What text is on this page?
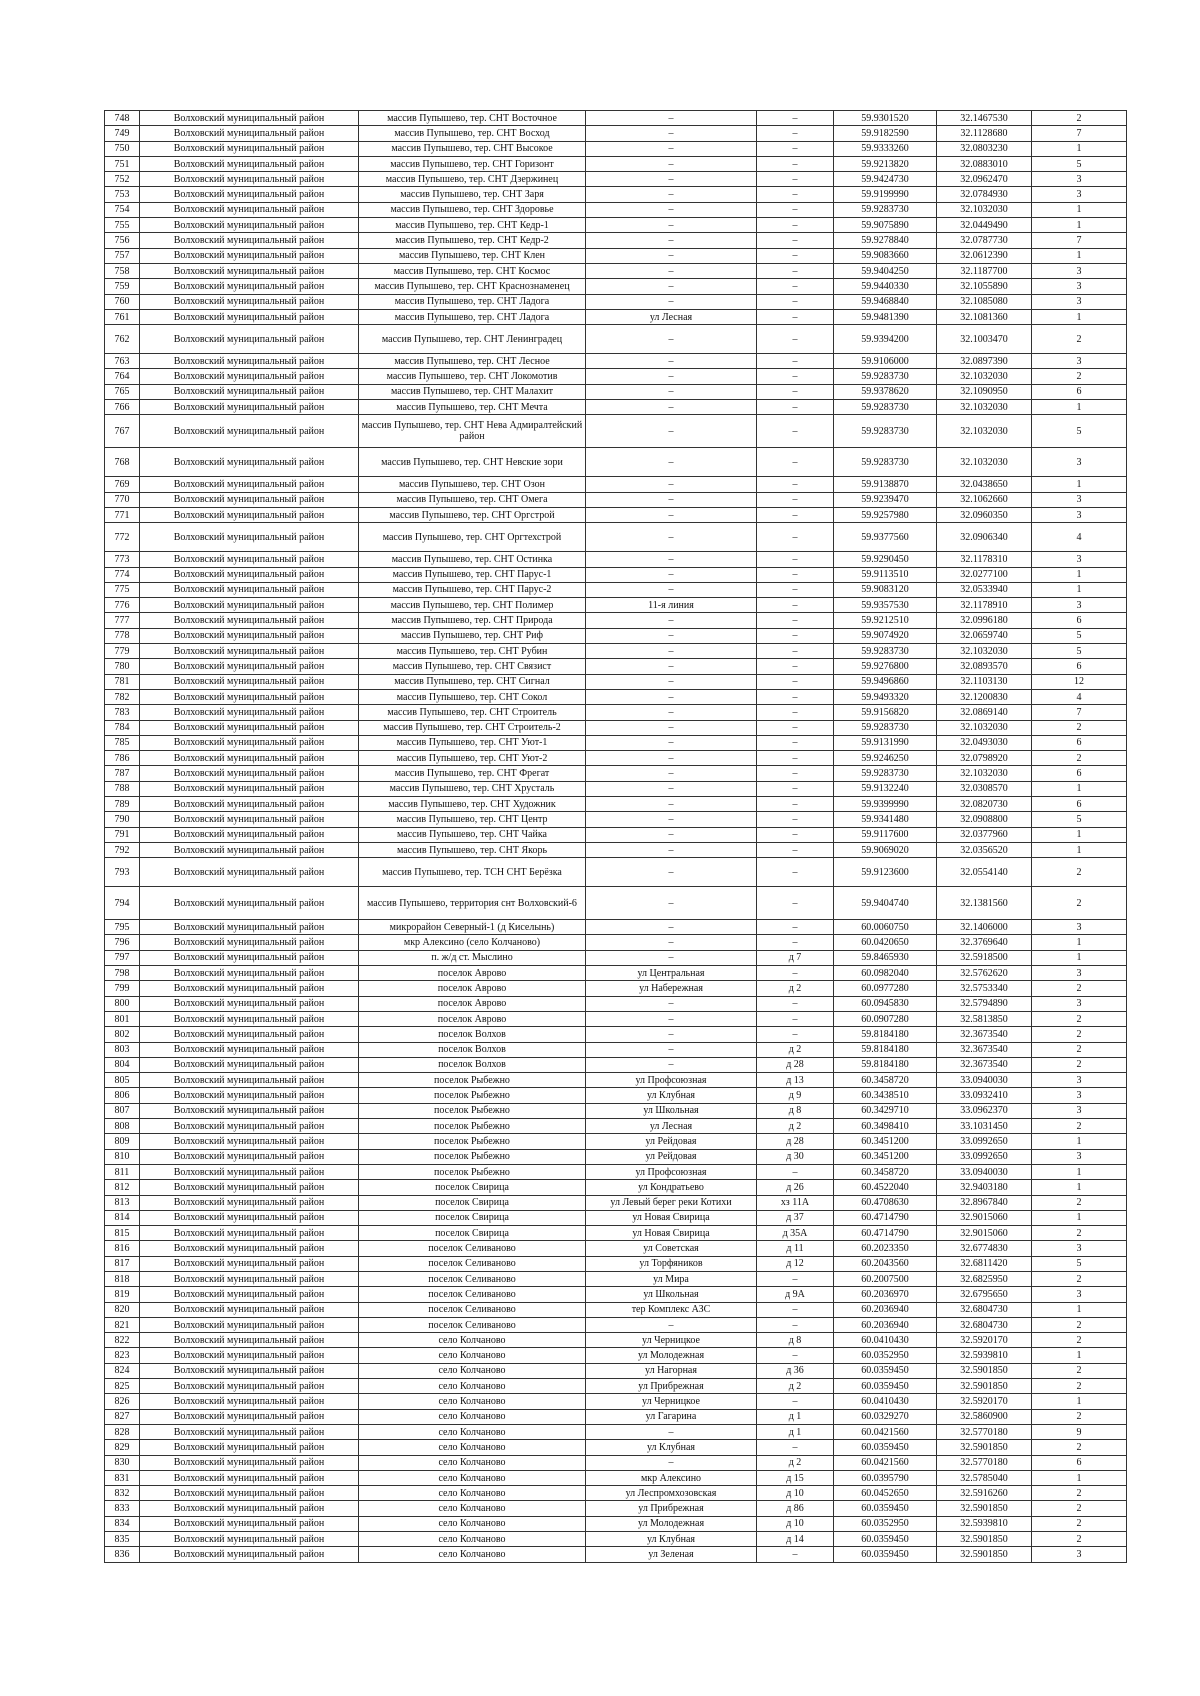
748	Волховский муниципальный район	массив Пупышево, тер. СНТ Восточное	–	–	59.9301520	32.1467530	2
749	Волховский муниципальный район	массив Пупышево, тер. СНТ Восход	–	–	59.9182590	32.1128680	7
750	Волховский муниципальный район	массив Пупышево, тер. СНТ Высокое	–	–	59.9333260	32.0803230	1
751	Волховский муниципальный район	массив Пупышево, тер. СНТ Горизонт	–	–	59.9213820	32.0883010	5
752	Волховский муниципальный район	массив Пупышево, тер. СНТ Дзержинец	–	–	59.9424730	32.0962470	3
753	Волховский муниципальный район	массив Пупышево, тер. СНТ Заря	–	–	59.9199990	32.0784930	3
754	Волховский муниципальный район	массив Пупышево, тер. СНТ Здоровье	–	–	59.9283730	32.1032030	1
755	Волховский муниципальный район	массив Пупышево, тер. СНТ Кедр-1	–	–	59.9075890	32.0449490	1
756	Волховский муниципальный район	массив Пупышево, тер. СНТ Кедр-2	–	–	59.9278840	32.0787730	7
757	Волховский муниципальный район	массив Пупышево, тер. СНТ Клен	–	–	59.9083660	32.0612390	1
758	Волховский муниципальный район	массив Пупышево, тер. СНТ Космос	–	–	59.9404250	32.1187700	3
759	Волховский муниципальный район	массив Пупышево, тер. СНТ Краснознаменец	–	–	59.9440330	32.1055890	3
760	Волховский муниципальный район	массив Пупышево, тер. СНТ Ладога	–	–	59.9468840	32.1085080	3
761	Волховский муниципальный район	массив Пупышево, тер. СНТ Ладога	ул Лесная	–	59.9481390	32.1081360	1
762	Волховский муниципальный район	массив Пупышево, тер. СНТ Ленинградец	–	–	59.9394200	32.1003470	2
763	Волховский муниципальный район	массив Пупышево, тер. СНТ Лесное	–	–	59.9106000	32.0897390	3
764	Волховский муниципальный район	массив Пупышево, тер. СНТ Локомотив	–	–	59.9283730	32.1032030	2
765	Волховский муниципальный район	массив Пупышево, тер. СНТ Малахит	–	–	59.9378620	32.1090950	6
766	Волховский муниципальный район	массив Пупышево, тер. СНТ Мечта	–	–	59.9283730	32.1032030	1
767	Волховский муниципальный район	массив Пупышево, тер. СНТ Нева Адмиралтейский район	–	–	59.9283730	32.1032030	5
768	Волховский муниципальный район	массив Пупышево, тер. СНТ Невские зори	–	–	59.9283730	32.1032030	3
769	Волховский муниципальный район	массив Пупышево, тер. СНТ Озон	–	–	59.9138870	32.0438650	1
770	Волховский муниципальный район	массив Пупышево, тер. СНТ Омега	–	–	59.9239470	32.1062660	3
771	Волховский муниципальный район	массив Пупышево, тер. СНТ Оргстрой	–	–	59.9257980	32.0960350	3
772	Волховский муниципальный район	массив Пупышево, тер. СНТ Оргтехстрой	–	–	59.9377560	32.0906340	4
773	Волховский муниципальный район	массив Пупышево, тер. СНТ Остинка	–	–	59.9290450	32.1178310	3
774	Волховский муниципальный район	массив Пупышево, тер. СНТ Парус-1	–	–	59.9113510	32.0277100	1
775	Волховский муниципальный район	массив Пупышево, тер. СНТ Парус-2	–	–	59.9083120	32.0533940	1
776	Волховский муниципальный район	массив Пупышево, тер. СНТ Полимер	11-я линия	–	59.9357530	32.1178910	3
777	Волховский муниципальный район	массив Пупышево, тер. СНТ Природа	–	–	59.9212510	32.0996180	6
778	Волховский муниципальный район	массив Пупышево, тер. СНТ Риф	–	–	59.9074920	32.0659740	5
779	Волховский муниципальный район	массив Пупышево, тер. СНТ Рубин	–	–	59.9283730	32.1032030	5
780	Волховский муниципальный район	массив Пупышево, тер. СНТ Связист	–	–	59.9276800	32.0893570	6
781	Волховский муниципальный район	массив Пупышево, тер. СНТ Сигнал	–	–	59.9496860	32.1103130	12
782	Волховский муниципальный район	массив Пупышево, тер. СНТ Сокол	–	–	59.9493320	32.1200830	4
783	Волховский муниципальный район	массив Пупышево, тер. СНТ Строитель	–	–	59.9156820	32.0869140	7
784	Волховский муниципальный район	массив Пупышево, тер. СНТ Строитель-2	–	–	59.9283730	32.1032030	2
785	Волховский муниципальный район	массив Пупышево, тер. СНТ Уют-1	–	–	59.9131990	32.0493030	6
786	Волховский муниципальный район	массив Пупышево, тер. СНТ Уют-2	–	–	59.9246250	32.0798920	2
787	Волховский муниципальный район	массив Пупышево, тер. СНТ Фрегат	–	–	59.9283730	32.1032030	6
788	Волховский муниципальный район	массив Пупышево, тер. СНТ Хрусталь	–	–	59.9132240	32.0308570	1
789	Волховский муниципальный район	массив Пупышево, тер. СНТ Художник	–	–	59.9399990	32.0820730	6
790	Волховский муниципальный район	массив Пупышево, тер. СНТ Центр	–	–	59.9341480	32.0908800	5
791	Волховский муниципальный район	массив Пупышево, тер. СНТ Чайка	–	–	59.9117600	32.0377960	1
792	Волховский муниципальный район	массив Пупышево, тер. СНТ Якорь	–	–	59.9069020	32.0356520	1
793	Волховский муниципальный район	массив Пупышево, тер. ТСН СНТ Берёзка	–	–	59.9123600	32.0554140	2
794	Волховский муниципальный район	массив Пупышево, территория снт Волховский-6	–	–	59.9404740	32.1381560	2
795	Волховский муниципальный район	микрорайон Северный-1 (д Киселынь)	–	–	60.0060750	32.1406000	3
796	Волховский муниципальный район	мкр Алексино (село Колчаново)	–	–	60.0420650	32.3769640	1
797	Волховский муниципальный район	п. ж/д ст. Мыслино	–	д 7	59.8465930	32.5918500	1
798	Волховский муниципальный район	поселок Аврово	ул Центральная	–	60.0982040	32.5762620	3
799	Волховский муниципальный район	поселок Аврово	ул Набережная	д 2	60.0977280	32.5753340	2
800	Волховский муниципальный район	поселок Аврово	–	–	60.0945830	32.5794890	3
801	Волховский муниципальный район	поселок Аврово	–	–	60.0907280	32.5813850	2
802	Волховский муниципальный район	поселок Волхов	–	–	59.8184180	32.3673540	2
803	Волховский муниципальный район	поселок Волхов	–	д 2	59.8184180	32.3673540	2
804	Волховский муниципальный район	поселок Волхов	–	д 28	59.8184180	32.3673540	2
805	Волховский муниципальный район	поселок Рыбежно	ул Профсоюзная	д 13	60.3458720	33.0940030	3
806	Волховский муниципальный район	поселок Рыбежно	ул Клубная	д 9	60.3438510	33.0932410	3
807	Волховский муниципальный район	поселок Рыбежно	ул Школьная	д 8	60.3429710	33.0962370	3
808	Волховский муниципальный район	поселок Рыбежно	ул Лесная	д 2	60.3498410	33.1031450	2
809	Волховский муниципальный район	поселок Рыбежно	ул Рейдовая	д 28	60.3451200	33.0992650	1
810	Волховский муниципальный район	поселок Рыбежно	ул Рейдовая	д 30	60.3451200	33.0992650	3
811	Волховский муниципальный район	поселок Рыбежно	ул Профсоюзная	–	60.3458720	33.0940030	1
812	Волховский муниципальный район	поселок Свирица	ул Кондратьево	д 26	60.4522040	32.9403180	1
813	Волховский муниципальный район	поселок Свирица	ул Левый берег реки Котихи	хз 11А	60.4708630	32.8967840	2
814	Волховский муниципальный район	поселок Свирица	ул Новая Свирица	д 37	60.4714790	32.9015060	1
815	Волховский муниципальный район	поселок Свирица	ул Новая Свирица	д 35А	60.4714790	32.9015060	2
816	Волховский муниципальный район	поселок Селиваново	ул Советская	д 11	60.2023350	32.6774830	3
817	Волховский муниципальный район	поселок Селиваново	ул Торфяников	д 12	60.2043560	32.6811420	5
818	Волховский муниципальный район	поселок Селиваново	ул Мира	–	60.2007500	32.6825950	2
819	Волховский муниципальный район	поселок Селиваново	ул Школьная	д 9А	60.2036970	32.6795650	3
820	Волховский муниципальный район	поселок Селиваново	тер Комплекс АЗС	–	60.2036940	32.6804730	1
821	Волховский муниципальный район	поселок Селиваново	–	–	60.2036940	32.6804730	2
822	Волховский муниципальный район	село Колчаново	ул Черницкое	д 8	60.0410430	32.5920170	2
823	Волховский муниципальный район	село Колчаново	ул Молодежная	–	60.0352950	32.5939810	1
824	Волховский муниципальный район	село Колчаново	ул Нагорная	д 36	60.0359450	32.5901850	2
825	Волховский муниципальный район	село Колчаново	ул Прибрежная	д 2	60.0359450	32.5901850	2
826	Волховский муниципальный район	село Колчаново	ул Черницкое	–	60.0410430	32.5920170	1
827	Волховский муниципальный район	село Колчаново	ул Гагарина	д 1	60.0329270	32.5860900	2
828	Волховский муниципальный район	село Колчаново	–	д 1	60.0421560	32.5770180	9
829	Волховский муниципальный район	село Колчаново	ул Клубная	–	60.0359450	32.5901850	2
830	Волховский муниципальный район	село Колчаново	–	д 2	60.0421560	32.5770180	6
831	Волховский муниципальный район	село Колчаново	мкр Алексино	д 15	60.0395790	32.5785040	1
832	Волховский муниципальный район	село Колчаново	ул Леспромхозовская	д 10	60.0452650	32.5916260	2
833	Волховский муниципальный район	село Колчаново	ул Прибрежная	д 86	60.0359450	32.5901850	2
834	Волховский муниципальный район	село Колчаново	ул Молодежная	д 10	60.0352950	32.5939810	2
835	Волховский муниципальный район	село Колчаново	ул Клубная	д 14	60.0359450	32.5901850	2
836	Волховский муниципальный район	село Колчаново	ул Зеленая	–	60.0359450	32.5901850	3
